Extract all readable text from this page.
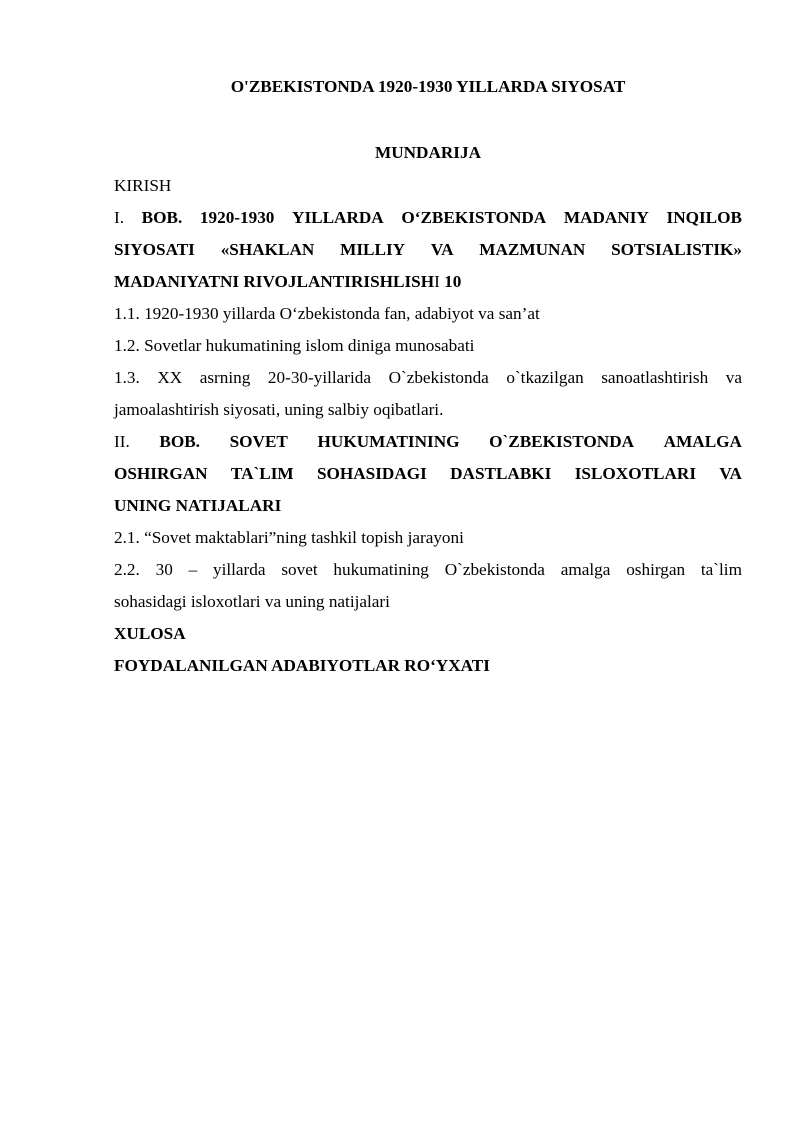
O'ZBEKISTONDA 1920-1930 YILLARDA SIYOSAT
MUNDARIJA
KIRISH
I. BOB. 1920-1930 YILLARDA O‘ZBEKISTONDA MADANIY INQILOB
SIYOSATI «SHAKLAN MILLIY VA MAZMUNAN SOTSIALISTIK»
MADANIYATNI RIVOJLANTIRISHLISHI 10
1.1. 1920-1930 yillarda O‘zbekistonda fan, adabiyot va san’at
1.2. Sovetlar hukumatining islom diniga munosabati
1.3. XX asrning 20-30-yillarida O`zbekistonda o`tkazilgan sanoatlashtirish va
jamoalashtirish siyosati, uning salbiy oqibatlari.
II. BOB. SOVET HUKUMATINING O`ZBEKISTONDA AMALGA
OSHIRGAN TA`LIM SOHASIDAGI DASTLABKI ISLOXOTLARI VA
UNING NATIJALARI
2.1. “Sovet maktablari”ning tashkil topish jarayoni
2.2. 30 – yillarda sovet hukumatining O`zbekistonda amalga oshirgan ta`lim
sohasidagi isloxotlari va uning natijalari
XULOSA
FOYDALANILGAN ADABIYOTLAR RO‘YXATI
